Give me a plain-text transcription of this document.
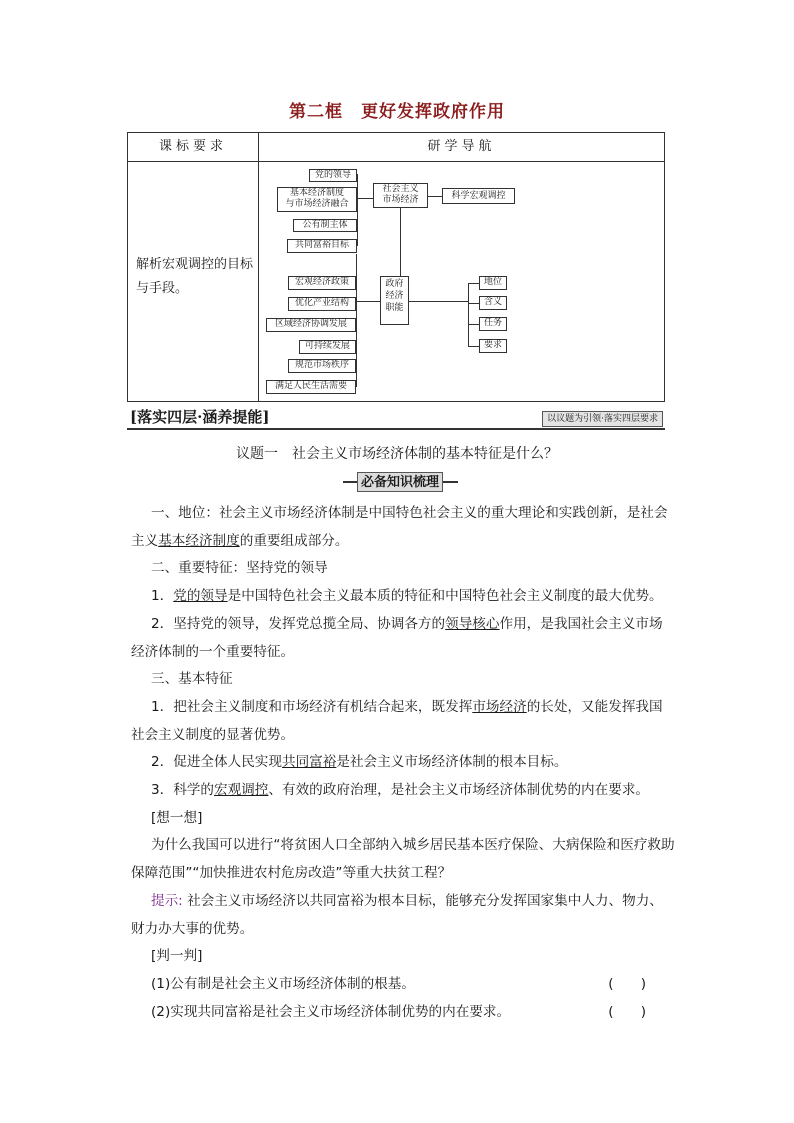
第二框　更好发挥政府作用
课标要求	研学导航
解析宏观调控的目标与手段。
党的领导
基本经济制度
与市场经济融合
公有制主体
共同富裕目标
社会主义
市场经济
政府
经济
职能
科学宏观调控
宏观经济政策
优化产业结构
区域经济协调发展
可持续发展
规范市场秩序
满足人民生活需要
地位
含义
任务
要求
[落实四层·涵养提能]	以议题为引领·落实四层要求
议题一　社会主义市场经济体制的基本特征是什么？
必备知识梳理

一、地位：社会主义市场经济体制是中国特色社会主义的重大理论和实践创新，是社会主义基本经济制度的重要组成部分。

二、重要特征：坚持党的领导

1．党的领导是中国特色社会主义最本质的特征和中国特色社会主义制度的最大优势。

2．坚持党的领导，发挥党总揽全局、协调各方的领导核心作用，是我国社会主义市场经济体制的一个重要特征。

三、基本特征

1．把社会主义制度和市场经济有机结合起来，既发挥市场经济的长处，又能发挥我国社会主义制度的显著优势。

2．促进全体人民实现共同富裕是社会主义市场经济体制的根本目标。

3．科学的宏观调控、有效的政府治理，是社会主义市场经济体制优势的内在要求。

[想一想]

为什么我国可以进行“将贫困人口全部纳入城乡居民基本医疗保险、大病保险和医疗救助保障范围”“加快推进农村危房改造”等重大扶贫工程？

提示: 社会主义市场经济以共同富裕为根本目标，能够充分发挥国家集中人力、物力、财力办大事的优势。

[判一判]

(1)公有制是社会主义市场经济体制的根基。	(　　)
(2)实现共同富裕是社会主义市场经济体制优势的内在要求。	(　　)
